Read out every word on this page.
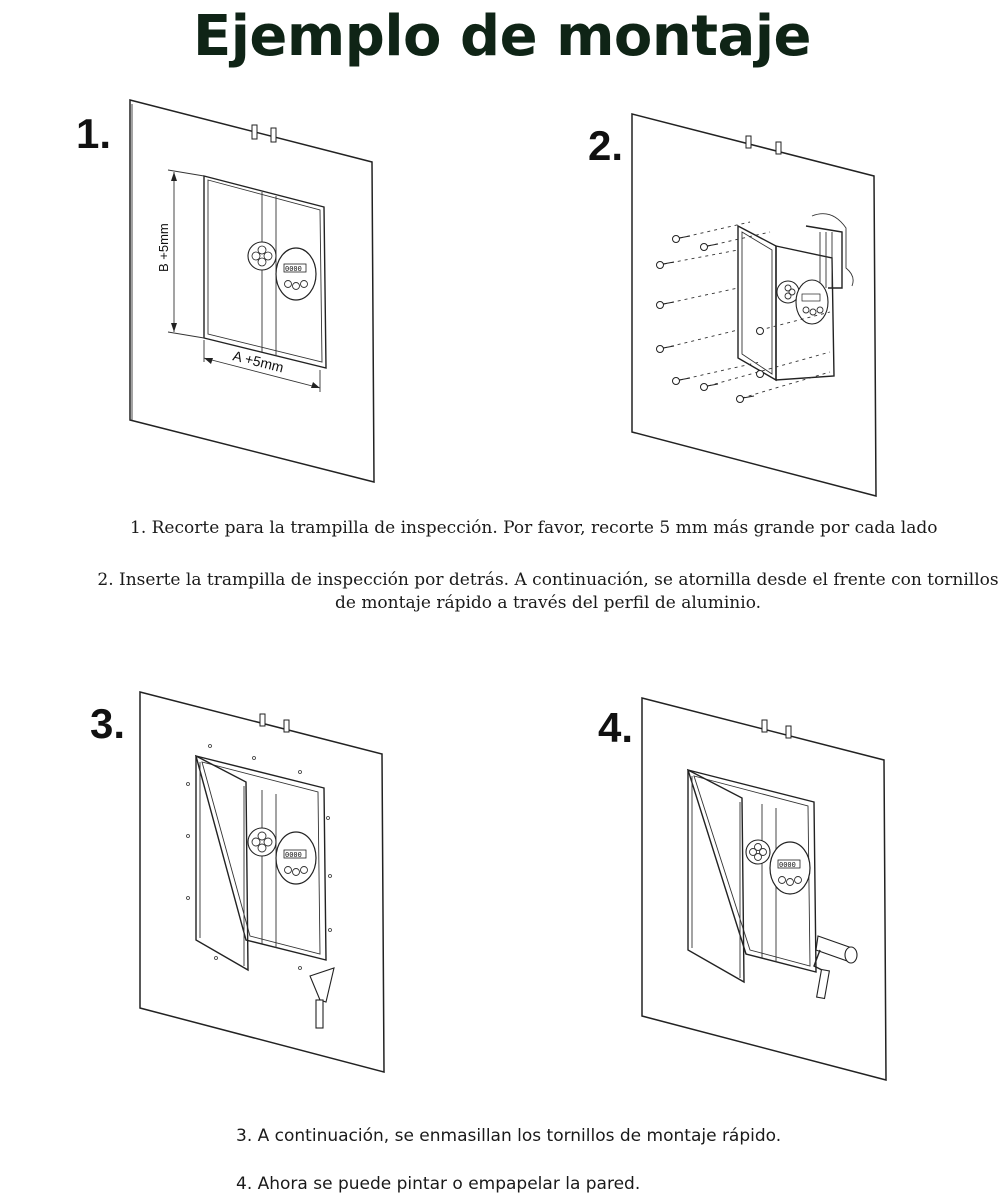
Ejemplo de montaje
1.	2.
3.	4.
0000
B +5mm
A +5mm
0000
0000
1. Recorte para la trampilla de inspección. Por favor, recorte 5 mm más grande por cada lado
2. Inserte la trampilla de inspección por detrás. A continuación, se atornilla desde el frente con tornillos de montaje rápido a través del perfil de aluminio.
3. A continuación, se enmasillan los tornillos de montaje rápido.
4. Ahora se puede pintar o empapelar la pared.
